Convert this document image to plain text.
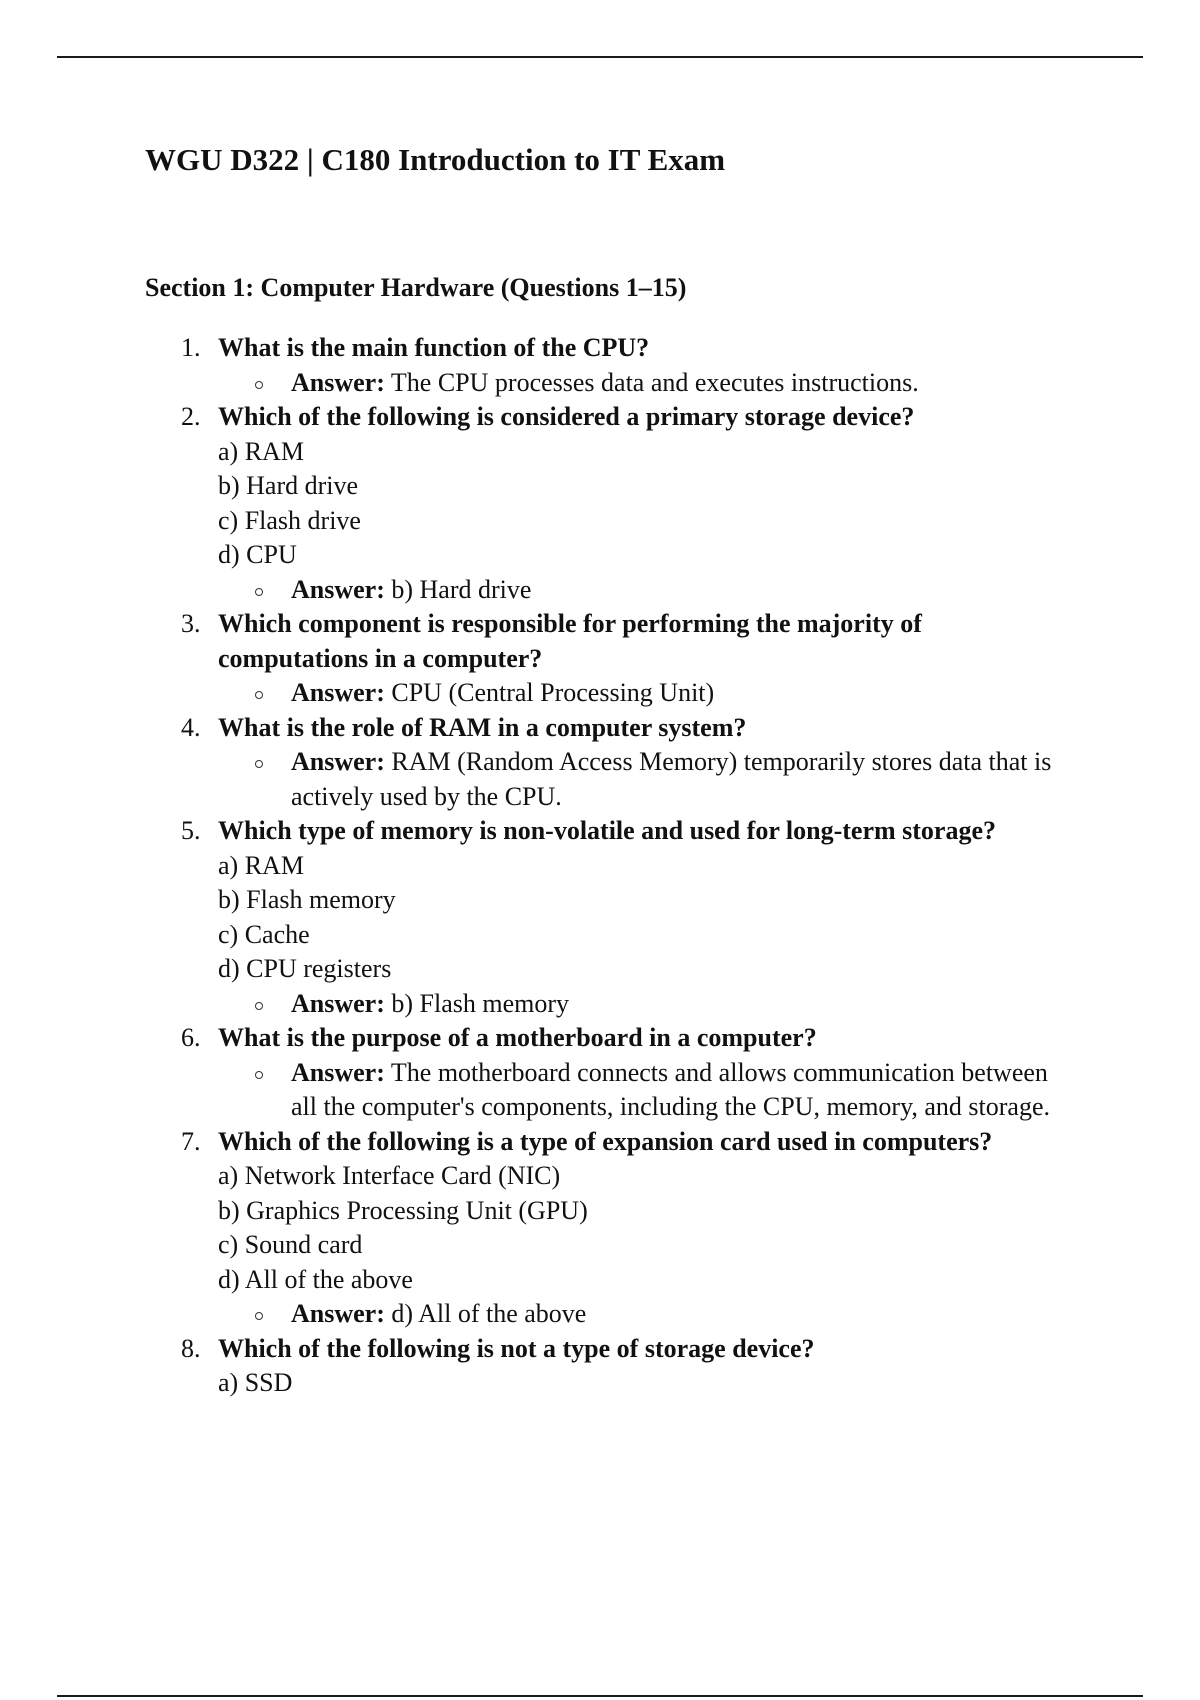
WGU D322 | C180 Introduction to IT Exam
Section 1: Computer Hardware (Questions 1–15)
1. What is the main function of the CPU?
Answer: The CPU processes data and executes instructions.
2. Which of the following is considered a primary storage device?
a) RAM
b) Hard drive
c) Flash drive
d) CPU
Answer: b) Hard drive
3. Which component is responsible for performing the majority of computations in a computer?
Answer: CPU (Central Processing Unit)
4. What is the role of RAM in a computer system?
Answer: RAM (Random Access Memory) temporarily stores data that is actively used by the CPU.
5. Which type of memory is non-volatile and used for long-term storage?
a) RAM
b) Flash memory
c) Cache
d) CPU registers
Answer: b) Flash memory
6. What is the purpose of a motherboard in a computer?
Answer: The motherboard connects and allows communication between all the computer's components, including the CPU, memory, and storage.
7. Which of the following is a type of expansion card used in computers?
a) Network Interface Card (NIC)
b) Graphics Processing Unit (GPU)
c) Sound card
d) All of the above
Answer: d) All of the above
8. Which of the following is not a type of storage device?
a) SSD
